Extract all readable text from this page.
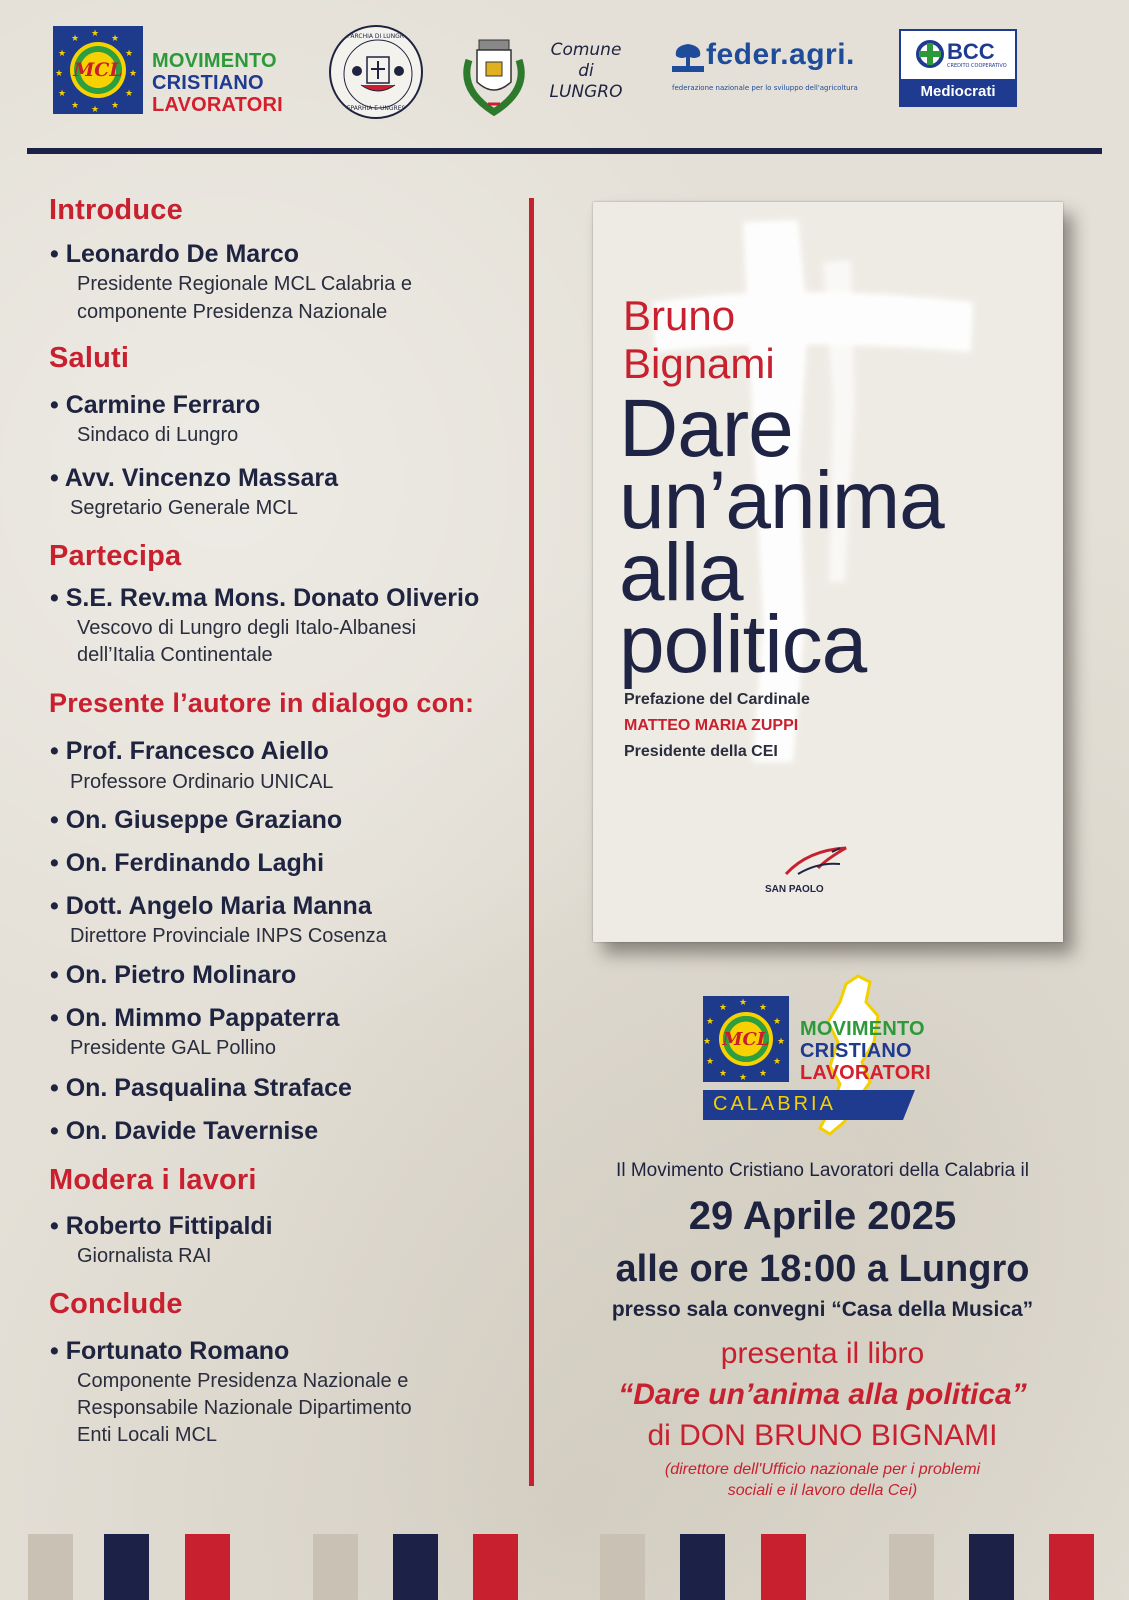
★ ★
★
★
★
★
★
★
★
★
★
★
MCL MOVIMENTO
CRISTIANO
LAVORATORI
EPARCHIA DI LUNGRO
EPARHIA E UNGRES
Comune
di
LUNGRO
feder.agri.
federazione nazionale per lo sviluppo dell'agricoltura
BCC
CREDITO COOPERATIVO
Mediocrati
Introduce
• Leonardo De Marco
Presidente Regionale MCL Calabria e
componente Presidenza Nazionale
Saluti
• Carmine Ferraro
Sindaco di Lungro
• Avv. Vincenzo Massara
Segretario Generale MCL
Partecipa
• S.E. Rev.ma Mons. Donato Oliverio
Vescovo di Lungro degli Italo-Albanesi
dell’Italia Continentale
Presente l’autore in dialogo con:
• Prof. Francesco Aiello
Professore Ordinario UNICAL
• On. Giuseppe Graziano
• On. Ferdinando Laghi
• Dott. Angelo Maria Manna
Direttore Provinciale INPS Cosenza
• On. Pietro Molinaro
• On. Mimmo Pappaterra
Presidente GAL Pollino
• On. Pasqualina Straface
• On. Davide Tavernise
Modera i lavori
• Roberto Fittipaldi
Giornalista RAI
Conclude
• Fortunato Romano
Componente Presidenza Nazionale e
Responsabile Nazionale Dipartimento
Enti Locali MCL
Bruno
Bignami
Dare
un’anima
alla
politica
Prefazione del Cardinale
MATTEO MARIA ZUPPI
Presidente della CEI
SAN PAOLO
★ ★
★
★
★
★
★
★
★
★
★
★
MCL MOVIMENTO
CRISTIANO
LAVORATORI
CALABRIA
Il Movimento Cristiano Lavoratori della Calabria il
29 Aprile 2025
alle ore 18:00 a Lungro
presso sala convegni “Casa della Musica”
presenta il libro
“Dare un’anima alla politica”
di DON BRUNO BIGNAMI
(direttore dell'Ufficio nazionale per i problemi
sociali e il lavoro della Cei)
